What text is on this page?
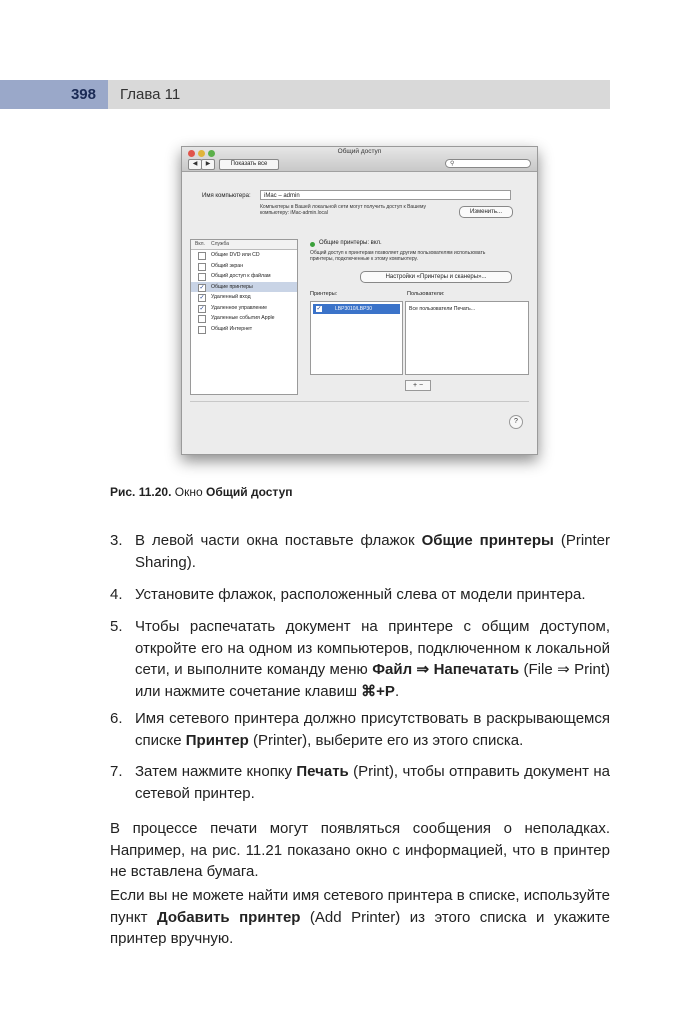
398	Глава 11
Общий доступ
◀	▶	Показать все	⚲
Имя компьютера:	iMac – admin
Компьютеры в Вашей локальной сети могут получить доступ к Вашему компьютеру: iMac-admin.local	Изменить...
Вкл. Служба
Общие DVD или CD
Общий экран
Общий доступ к файлам
✓ Общие принтеры
✓ Удаленный вход
✓ Удаленное управление
Удаленные события Apple
Общий Интернет
Общие принтеры: вкл.
Общий доступ к принтерам позволяет другим пользователям использовать принтеры, подключенные к этому компьютеру.
Настройки «Принтеры и сканеры»...
Принтеры:	Пользователи:
✓	LBP3010/LBP30	Все пользователи Печать...
+ −
?
Рис. 11.20. Окно Общий доступ
3. В левой части окна поставьте флажок Общие принтеры (Printer Sharing).
4. Установите флажок, расположенный слева от модели принтера.
5. Чтобы распечатать документ на принтере с общим доступом, откройте его на одном из компьютеров, подключенном к локальной сети, и выполните команду меню Файл ⇒ Напечатать (File ⇒ Print) или нажмите сочетание клавиш ⌘+P.
6. Имя сетевого принтера должно присутствовать в раскрывающемся списке Принтер (Printer), выберите его из этого списка.
7. Затем нажмите кнопку Печать (Print), чтобы отправить документ на сетевой принтер.
В процессе печати могут появляться сообщения о неполадках. Например, на рис. 11.21 показано окно с информацией, что в принтер не вставлена бумага.
Если вы не можете найти имя сетевого принтера в списке, используйте пункт Добавить принтер (Add Printer) из этого списка и укажите принтер вручную.
